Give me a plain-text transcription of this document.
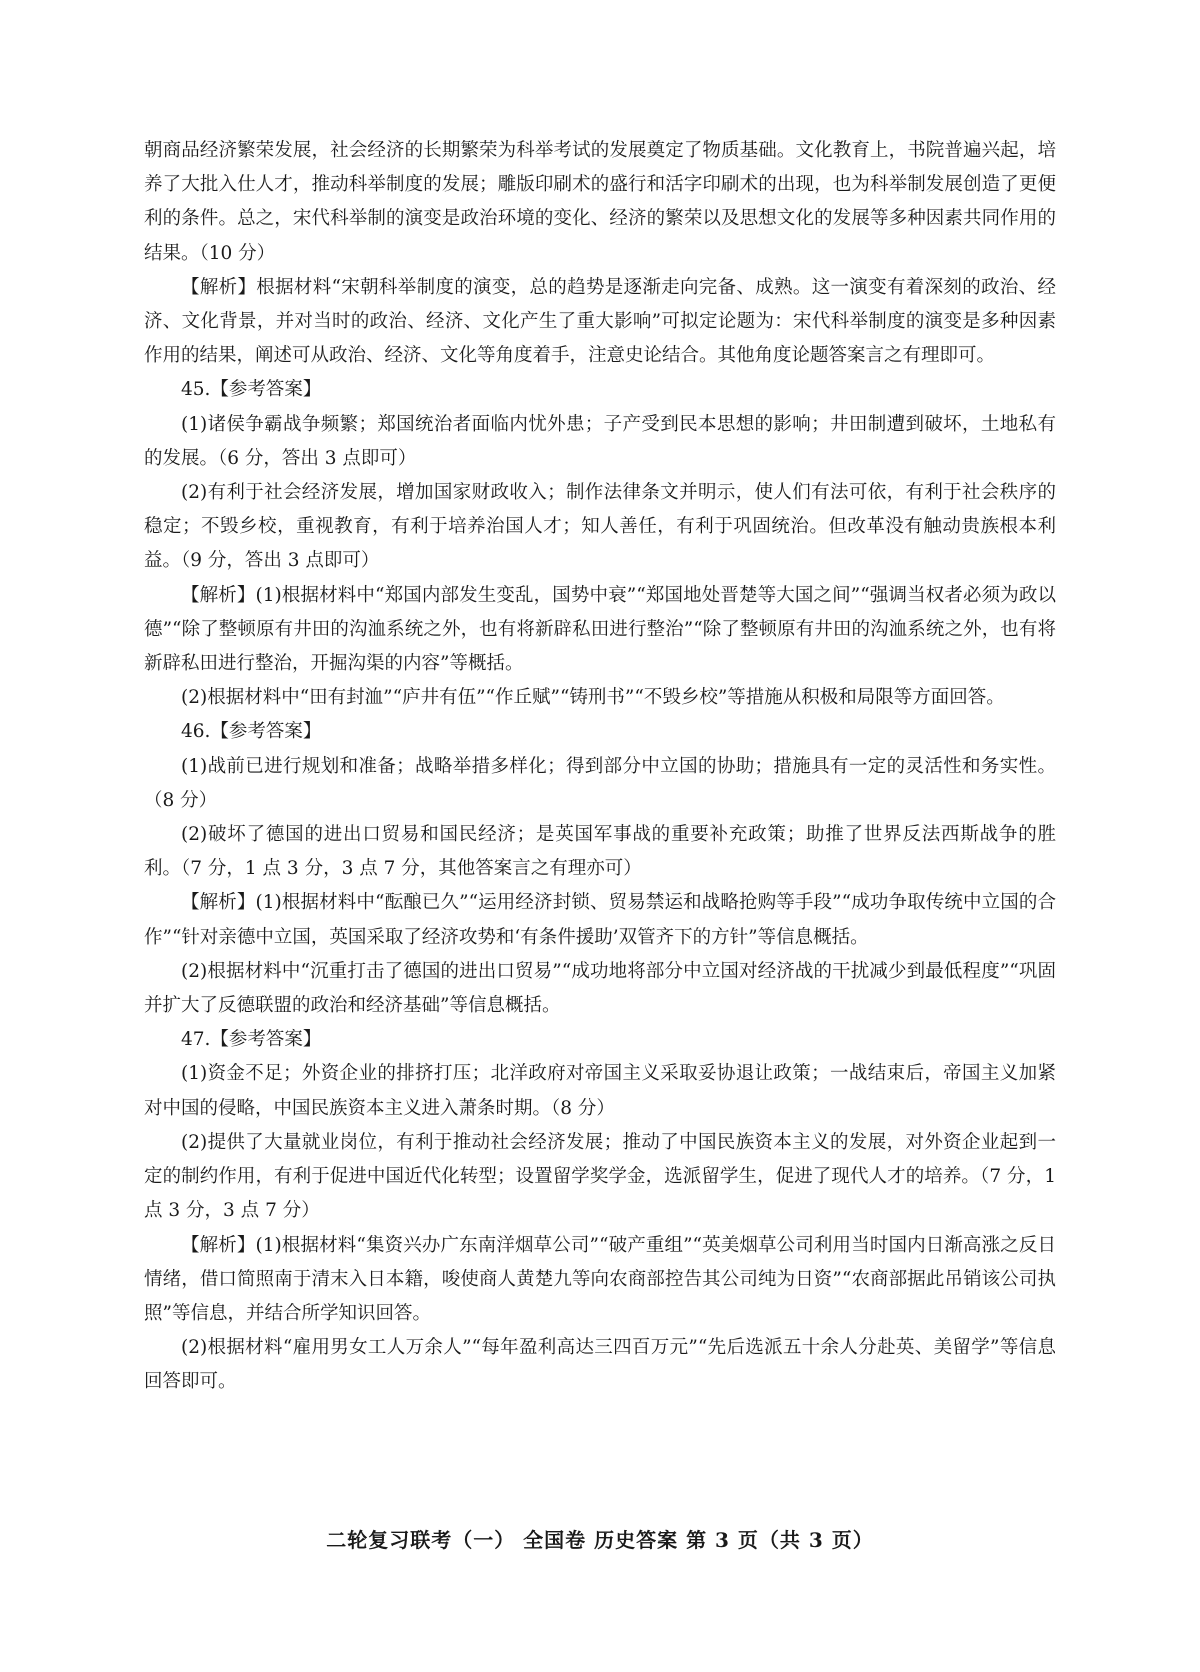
朝商品经济繁荣发展，社会经济的长期繁荣为科举考试的发展奠定了物质基础。文化教育上，书院普遍兴起，培养了大批入仕人才，推动科举制度的发展；雕版印刷术的盛行和活字印刷术的出现，也为科举制发展创造了更便利的条件。总之，宋代科举制的演变是政治环境的变化、经济的繁荣以及思想文化的发展等多种因素共同作用的结果。（10 分）

【解析】根据材料“宋朝科举制度的演变，总的趋势是逐渐走向完备、成熟。这一演变有着深刻的政治、经济、文化背景，并对当时的政治、经济、文化产生了重大影响”可拟定论题为：宋代科举制度的演变是多种因素作用的结果，阐述可从政治、经济、文化等角度着手，注意史论结合。其他角度论题答案言之有理即可。

45.【参考答案】

(1)诸侯争霸战争频繁；郑国统治者面临内忧外患；子产受到民本思想的影响；井田制遭到破坏，土地私有的发展。（6 分，答出 3 点即可）

(2)有利于社会经济发展，增加国家财政收入；制作法律条文并明示，使人们有法可依，有利于社会秩序的稳定；不毁乡校，重视教育，有利于培养治国人才；知人善任，有利于巩固统治。但改革没有触动贵族根本利益。（9 分，答出 3 点即可）

【解析】(1)根据材料中“郑国内部发生变乱，国势中衰”“郑国地处晋楚等大国之间”“强调当权者必须为政以德”“除了整顿原有井田的沟洫系统之外，也有将新辟私田进行整治”“除了整顿原有井田的沟洫系统之外，也有将新辟私田进行整治，开掘沟渠的内容”等概括。

(2)根据材料中“田有封洫”“庐井有伍”“作丘赋”“铸刑书”“不毁乡校”等措施从积极和局限等方面回答。

46.【参考答案】

(1)战前已进行规划和准备；战略举措多样化；得到部分中立国的协助；措施具有一定的灵活性和务实性。（8 分）

(2)破坏了德国的进出口贸易和国民经济；是英国军事战的重要补充政策；助推了世界反法西斯战争的胜利。（7 分，1 点 3 分，3 点 7 分，其他答案言之有理亦可）

【解析】(1)根据材料中“酝酿已久”“运用经济封锁、贸易禁运和战略抢购等手段”“成功争取传统中立国的合作”“针对亲德中立国，英国采取了经济攻势和‘有条件援助’双管齐下的方针”等信息概括。

(2)根据材料中“沉重打击了德国的进出口贸易”“成功地将部分中立国对经济战的干扰减少到最低程度”“巩固并扩大了反德联盟的政治和经济基础”等信息概括。

47.【参考答案】

(1)资金不足；外资企业的排挤打压；北洋政府对帝国主义采取妥协退让政策；一战结束后，帝国主义加紧对中国的侵略，中国民族资本主义进入萧条时期。（8 分）

(2)提供了大量就业岗位，有利于推动社会经济发展；推动了中国民族资本主义的发展，对外资企业起到一定的制约作用，有利于促进中国近代化转型；设置留学奖学金，选派留学生，促进了现代人才的培养。（7 分，1 点 3 分，3 点 7 分）

【解析】(1)根据材料“集资兴办广东南洋烟草公司”“破产重组”“英美烟草公司利用当时国内日渐高涨之反日情绪，借口简照南于清末入日本籍，唆使商人黄楚九等向农商部控告其公司纯为日资”“农商部据此吊销该公司执照”等信息，并结合所学知识回答。

(2)根据材料“雇用男女工人万余人”“每年盈利高达三四百万元”“先后选派五十余人分赴英、美留学”等信息回答即可。

二轮复习联考（一） 全国卷 历史答案 第 3 页（共 3 页）
